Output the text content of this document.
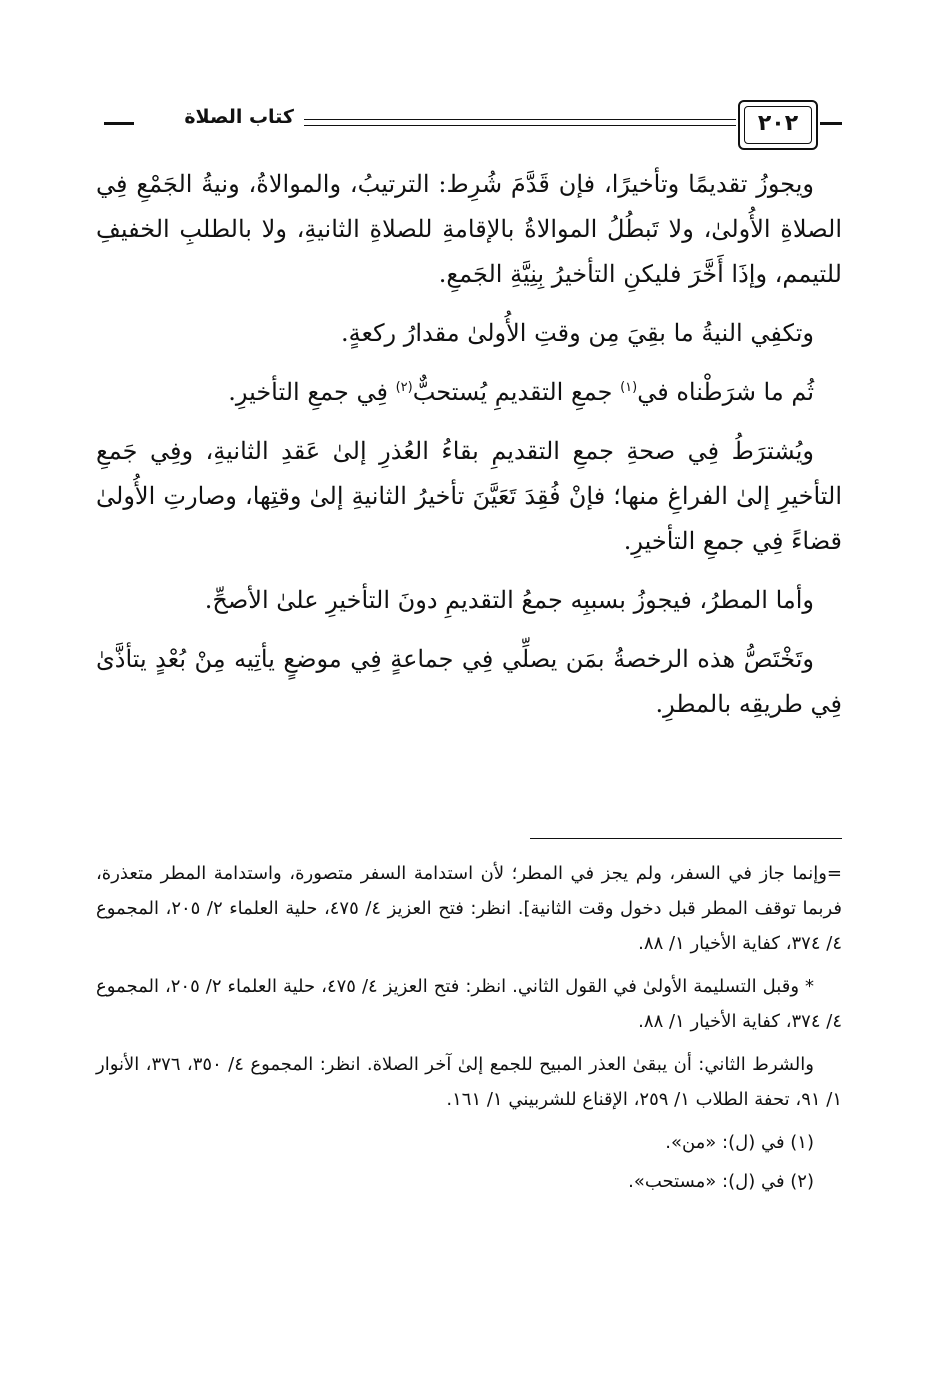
٢٠٢
كتاب الصلاة

ويجوزُ تقديمًا وتأخيرًا، فإن قَدَّمَ شُرِط: الترتيبُ، والموالاةُ، ونيةُ الجَمْعِ فِي الصلاةِ الأُولىٰ، ولا تَبطُلُ الموالاةُ بالإقامةِ للصلاةِ الثانيةِ، ولا بالطلبِ الخفيفِ للتيمم، وإذَا أَخَّرَ فليكنِ التأخيرُ بِنِيَّةِ الجَمعِ.

وتكفِي النيةُ ما بقِيَ مِن وقتِ الأُولىٰ مقدارُ ركعةٍ.

ثُم ما شرَطْناه في$^{(١)}$ جمعِ التقديمِ يُستحبٌّ$^{(٢)}$ فِي جمعِ التأخيرِ.

ويُشترَطُ فِي صحةِ جمعِ التقديمِ بقاءُ العُذرِ إلىٰ عَقدِ الثانيةِ، وفِي جَمعِ التأخيرِ إلىٰ الفراغِ منها؛ فإنْ فُقِدَ تَعَيَّنَ تأخيرُ الثانيةِ إلىٰ وقتِها، وصارتِ الأُولىٰ قضاءً فِي جمعِ التأخيرِ.

وأما المطرُ، فيجوزُ بسببِه جمعُ التقديمِ دونَ التأخيرِ علىٰ الأصحِّ.

وتَخْتَصُّ هذه الرخصةُ بمَن يصلِّي فِي جماعةٍ فِي موضعٍ يأتِيه مِنْ بُعْدٍ يتأذَّىٰ فِي طريقِه بالمطرِ.

=وإنما جاز في السفر، ولم يجز في المطر؛ لأن استدامة السفر متصورة، واستدامة المطر متعذرة، فربما توقف المطر قبل دخول وقت الثانية]. انظر: فتح العزيز ٤/ ٤٧٥، حلية العلماء ٢/ ٢٠٥، المجموع ٤/ ٣٧٤، كفاية الأخيار ١/ ٨٨.

* وقبل التسليمة الأولىٰ في القول الثاني. انظر: فتح العزيز ٤/ ٤٧٥، حلية العلماء ٢/ ٢٠٥، المجموع ٤/ ٣٧٤، كفاية الأخيار ١/ ٨٨.

والشرط الثاني: أن يبقىٰ العذر المبيح للجمع إلىٰ آخر الصلاة. انظر: المجموع ٤/ ٣٥٠، ٣٧٦، الأنوار ١/ ٩١، تحفة الطلاب ١/ ٢٥٩، الإقناع للشربيني ١/ ١٦١.

(١) في (ل): «من».

(٢) في (ل): «مستحب».
